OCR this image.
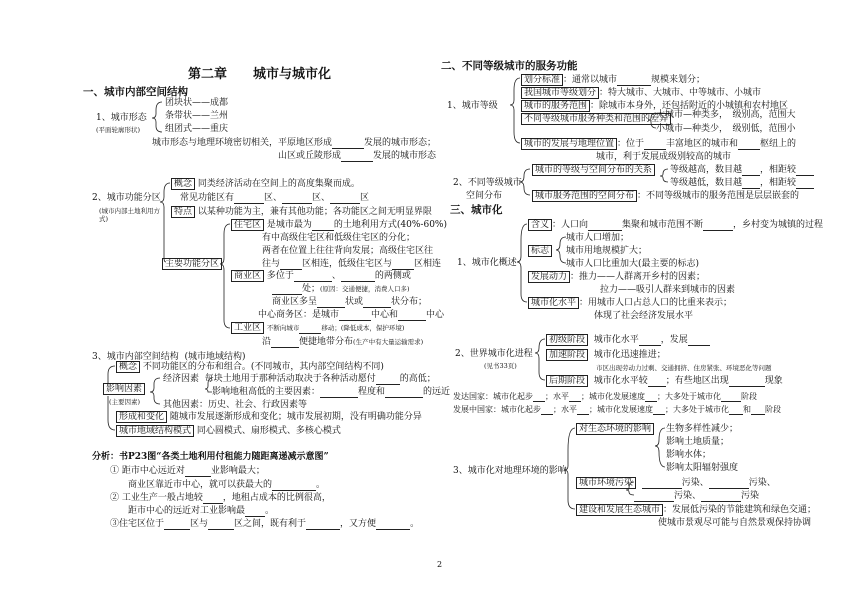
第二章　　城市与城市化
一、城市内部空间结构
1、城市形态
(平面轮廓形状)
团块状——成都
条带状——兰州
组团式——重庆
城市形态与地理环境密切相关，平原地区形成	发展的城市形态；
山区或丘陵形成	发展的城市形态
2、城市功能分区
(城市内部土地利用方式)
概念 同类经济活动在空间上的高度集聚而成。
常见功能区有	区、	区、	区
特点 以某种功能为主，兼有其他功能；各功能区之间无明显界限
主要功能分区
住宅区 是城市最为 的土地利用方式(40%-60%)
有中高级住宅区和低级住宅区的分化；
两者在位置上往往背向发展；高级住宅区往
往与 区相连，低级住宅区与 区相连
商业区 多位于	、	的两侧或
处；(原因：交通便捷，消费人口多)
商业区多呈	状或	状分布；
中心商务区：是城市	中心和	中心
工业区 不断向城市	移动；(降低成本，保护环境)
沿	便捷地带分布(生产中有大量运输需求)
3、城市内部空间结构 (城市地域结构)
概念 不同功能区的分布和组合。(不同城市，其内部空间结构不同)
影响因素
(主要因素)
经济因素 每块土地用于那种活动取决于各种活动愿付	的高低；
影响地租高低的主要因素：	程度和	的远近
其他因素：历史、社会、行政因素等
形成和变化 随城市发展逐渐形成和变化；城市发展初期，没有明确功能分异
城市地域结构模式 同心圆模式、扇形模式、多核心模式
分析：书P23图“各类土地利用付租能力随距离递减示意图”
① 距市中心远近对	业影响最大；
商业区靠近市中心，就可以获最大的	。
② 工业生产一般占地较 ，地租占成本的比例很高，
距市中心的远近对工业影响最 。
③住宅区位于	区与	区之间，既有利于	，又方便	。
二、不同等级城市的服务功能
1、城市等级
划分标准 ：通常以城市	规模来划分；
我国城市等级划分 ：特大城市、大城市、中等城市、小城市
城市的服务范围 ：除城市本身外，还包括附近的小城镇和农村地区
不同等级城市服务种类和范围的差异
大城市—种类多，　级别高，范围大
小城市—种类少，　级别低，范围小
城市的发展与地理位置 ：位于 丰富地区的城市和 枢纽上的
城市，利于发展成级别较高的城市
2、不同等级城市
空间分布
城市的等级与空间分布的关系	等级越高，数目越 ，相距较
等级越低，数目越 ，相距较
城市服务范围的空间分布 ：不同等级城市的服务范围是层层嵌套的
三、城市化
1、城市化概述
含义 ：人口向	集聚和城市范围不断	，乡村变为城镇的过程
标志
城市人口增加；
城市用地规模扩大；
城市人口比重加大(最主要的标志)
发展动力 ：推力——人群离开乡村的因素；
拉力——吸引人群来到城市的因素
城市化水平 ：用城市人口占总人口的比重来表示；
体现了社会经济发展水平
2、世界城市化进程
(见书33页)
初级阶段 城市化水平 ，发展
加速阶段 城市化迅速推进；
市区出现劳动力过剩、交通拥挤、住房紧张、环境恶化等问题
后期阶段 城市化水平较 ；有些地区出现	现象
发达国家：城市化起步 ；水平 ；城市化发展速度 ；大多处于城市化	阶段
发展中国家：城市化起步 ；水平 ；城市化发展速度 ；大多处于城市化 和 阶段
3、城市化对地理环境的影响
对生态环境的影响	生物多样性减少；
影响土地质量；
影响水体；
影响太阳辐射强度
城市环境污染	污染、	污染、
污染、	污染
建设和发展生态城市 ：发展低污染的节能建筑和绿色交通；
使城市景观尽可能与自然景观保持协调
2
